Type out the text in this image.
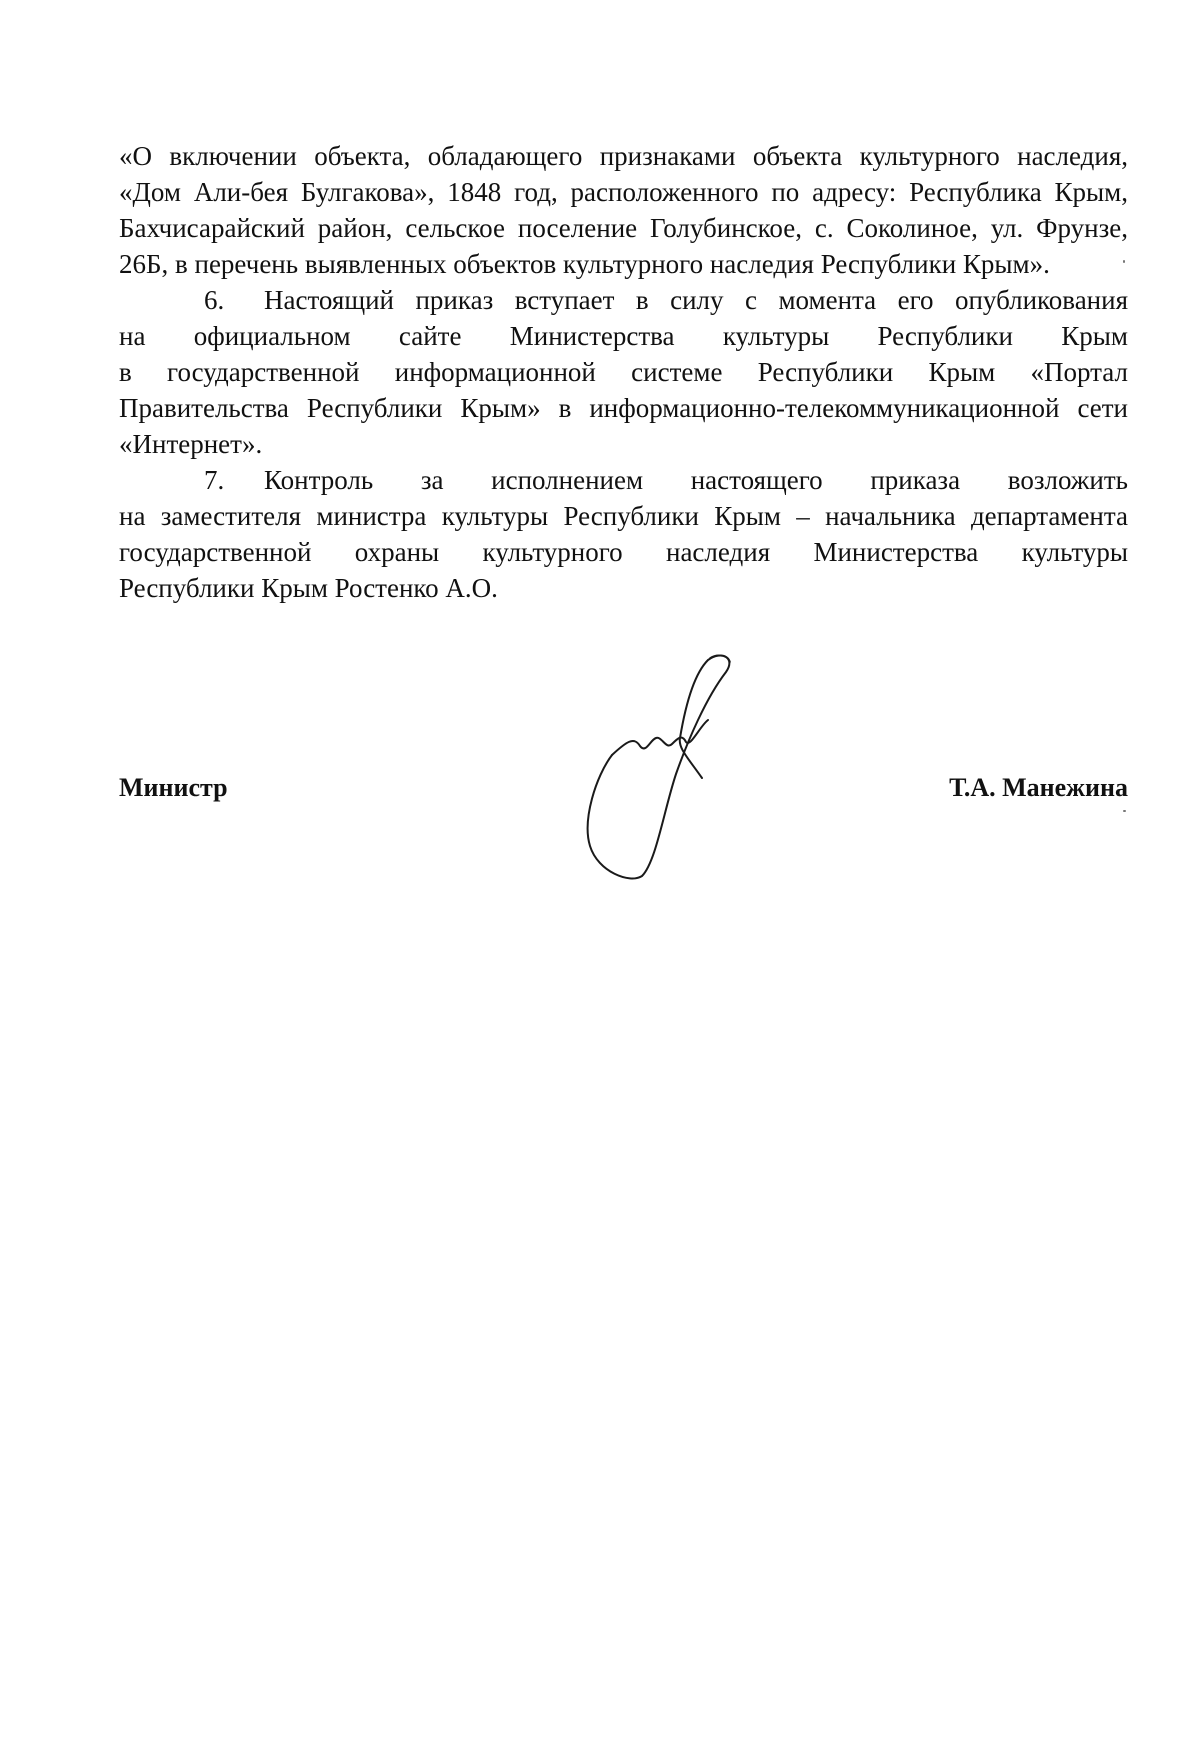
«О включении объекта, обладающего признаками объекта культурного наследия,
«Дом Али-бея Булгакова», 1848 год, расположенного по адресу: Республика Крым,
Бахчисарайский район, сельское поселение Голубинское, с. Соколиное, ул. Фрунзе,
26Б, в перечень выявленных объектов культурного наследия Республики Крым».
6.	Настоящий приказ вступает в силу с момента его опубликования
на официальном сайте Министерства культуры Республики Крым
в государственной информационной системе Республики Крым «Портал
Правительства Республики Крым» в информационно-телекоммуникационной сети
«Интернет».
7.	Контроль за исполнением настоящего приказа возложить
на заместителя министра культуры Республики Крым – начальника департамента
государственной охраны культурного наследия Министерства культуры
Республики Крым Ростенко А.О.
Министр	Т.А. Манежина
